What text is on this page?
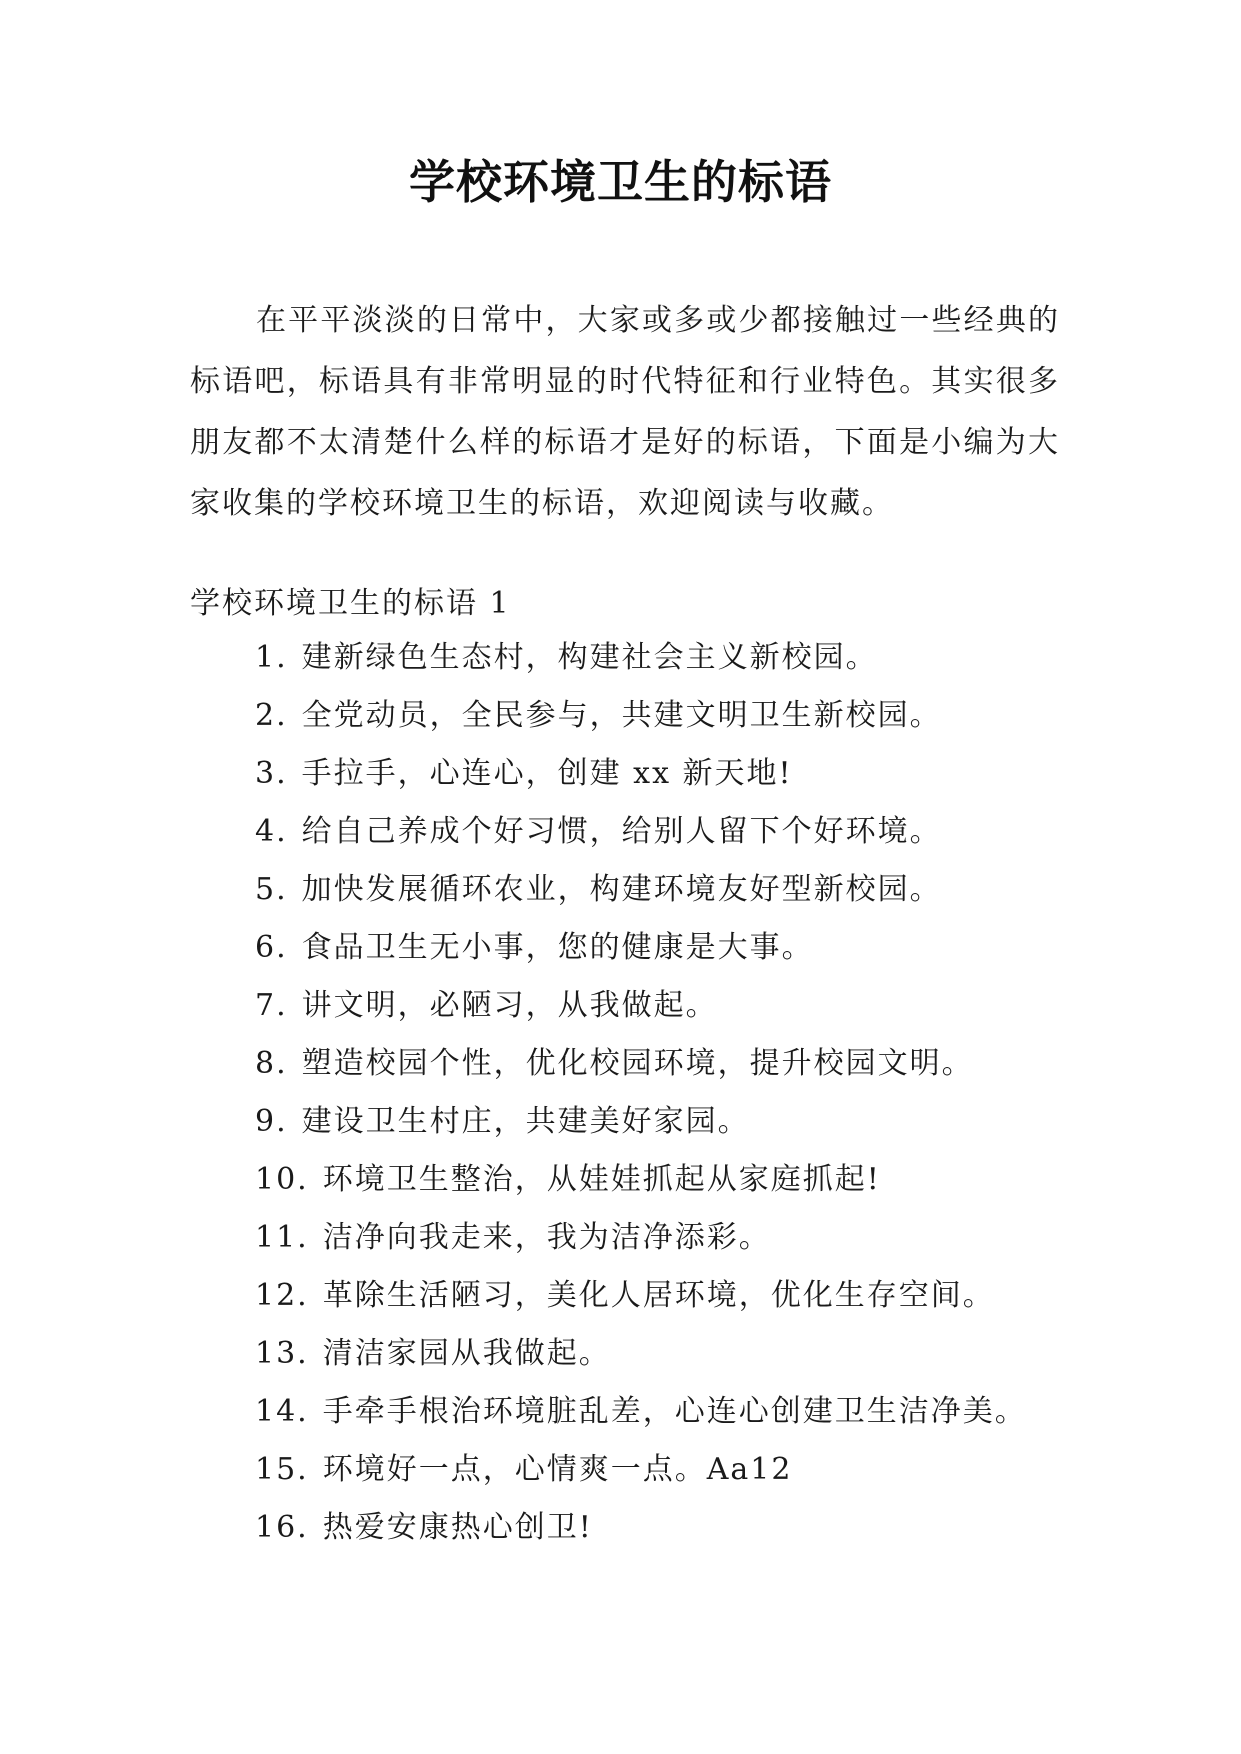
学校环境卫生的标语

在平平淡淡的日常中，大家或多或少都接触过一些经典的标语吧，标语具有非常明显的时代特征和行业特色。其实很多朋友都不太清楚什么样的标语才是好的标语，下面是小编为大家收集的学校环境卫生的标语，欢迎阅读与收藏。

学校环境卫生的标语 1
1. 建新绿色生态村，构建社会主义新校园。
2. 全党动员，全民参与，共建文明卫生新校园。
3. 手拉手，心连心，创建 xx 新天地!
4. 给自己养成个好习惯，给别人留下个好环境。
5. 加快发展循环农业，构建环境友好型新校园。
6. 食品卫生无小事，您的健康是大事。
7. 讲文明，必陋习，从我做起。
8. 塑造校园个性，优化校园环境，提升校园文明。
9. 建设卫生村庄，共建美好家园。
10. 环境卫生整治，从娃娃抓起从家庭抓起!
11. 洁净向我走来，我为洁净添彩。
12. 革除生活陋习，美化人居环境，优化生存空间。
13. 清洁家园从我做起。
14. 手牵手根治环境脏乱差，心连心创建卫生洁净美。
15. 环境好一点，心情爽一点。Aa12
16. 热爱安康热心创卫!
